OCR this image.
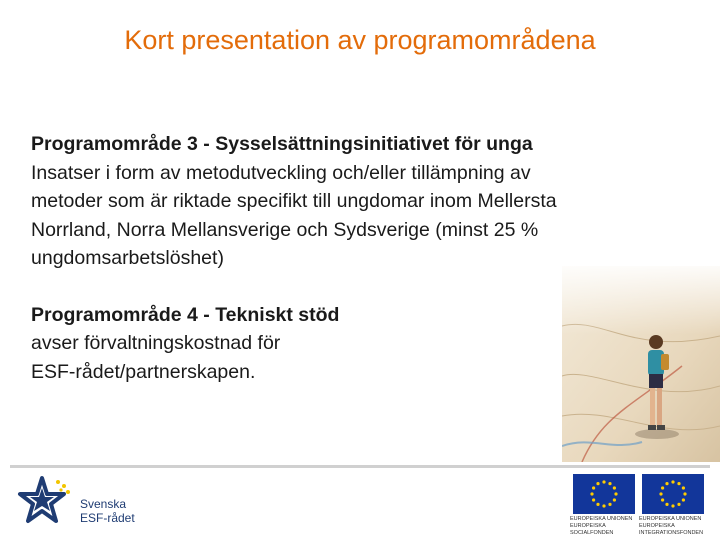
Kort presentation av programområdena
Programområde 3 - Sysselsättningsinitiativet för unga
Insatser i form av metodutveckling och/eller tillämpning av
metoder som är riktade specifikt till ungdomar inom Mellersta
Norrland, Norra Mellansverige och Sydsverige (minst 25 %
ungdomsarbetslöshet)
Programområde 4 - Tekniskt stöd
avser förvaltningskostnad för
ESF-rådet/partnerskapen.
Svenska
ESF-rådet	EUROPEISKA UNIONEN
EUROPEISKA SOCIALFONDEN
EUROPEISKA UNIONEN
EUROPEISKA INTEGRATIONSFONDEN
